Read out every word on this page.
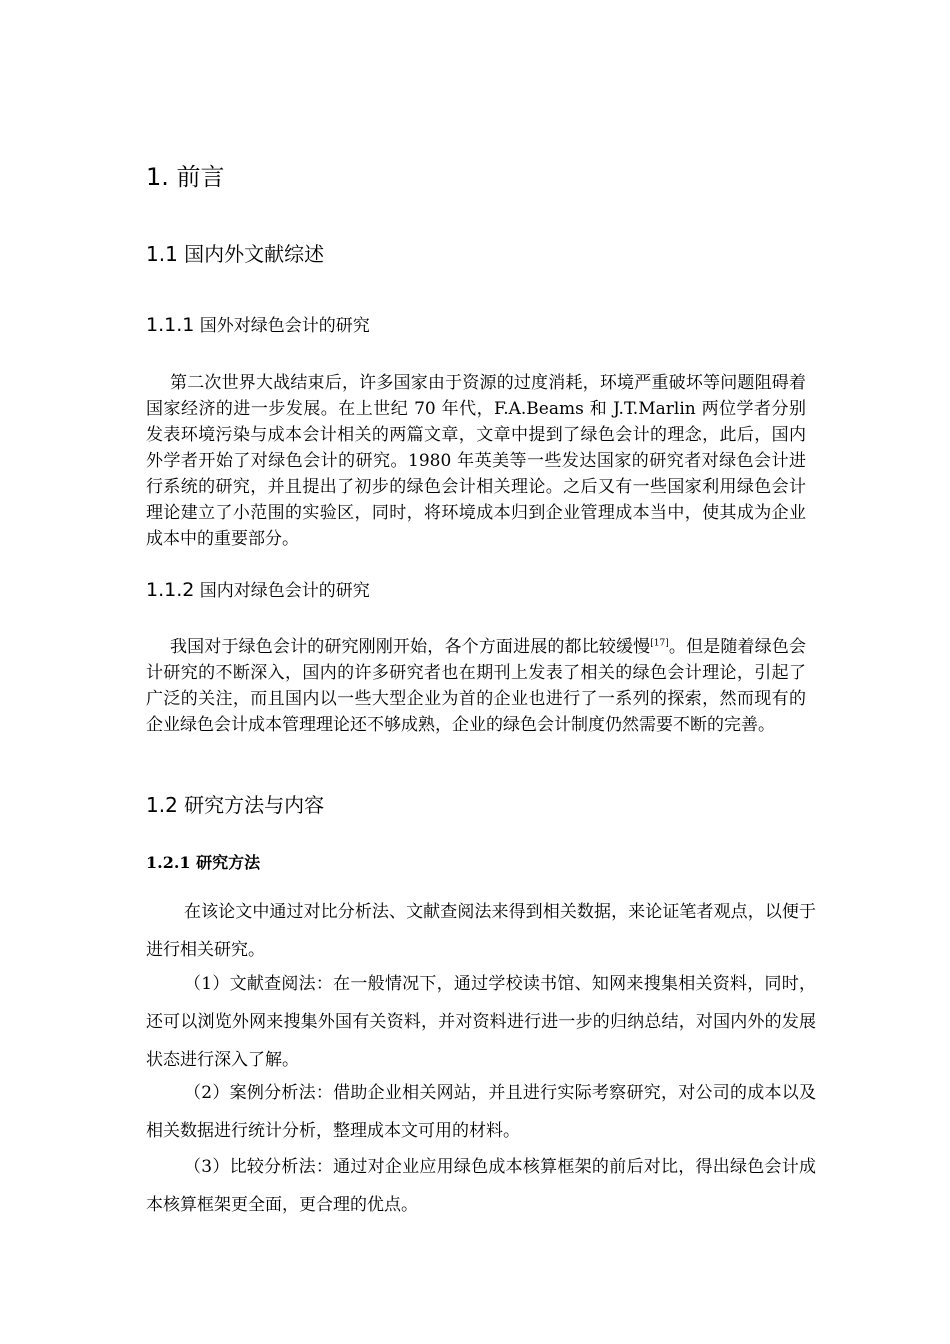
1. 前言
1.1 国内外文献综述
1.1.1 国外对绿色会计的研究

第二次世界大战结束后，许多国家由于资源的过度消耗，环境严重破坏等问题阻碍着国家经济的进一步发展。在上世纪 70 年代，F.A.Beams 和 J.T.Marlin 两位学者分别发表环境污染与成本会计相关的两篇文章，文章中提到了绿色会计的理念，此后，国内外学者开始了对绿色会计的研究。1980 年英美等一些发达国家的研究者对绿色会计进行系统的研究，并且提出了初步的绿色会计相关理论。之后又有一些国家利用绿色会计理论建立了小范围的实验区，同时，将环境成本归到企业管理成本当中，使其成为企业成本中的重要部分。

1.1.2 国内对绿色会计的研究

我国对于绿色会计的研究刚刚开始，各个方面进展的都比较缓慢[17]。但是随着绿色会计研究的不断深入，国内的许多研究者也在期刊上发表了相关的绿色会计理论，引起了广泛的关注，而且国内以一些大型企业为首的企业也进行了一系列的探索，然而现有的企业绿色会计成本管理理论还不够成熟，企业的绿色会计制度仍然需要不断的完善。

1.2 研究方法与内容
1.2.1 研究方法

在该论文中通过对比分析法、文献查阅法来得到相关数据，来论证笔者观点，以便于进行相关研究。

（1）文献查阅法：在一般情况下，通过学校读书馆、知网来搜集相关资料，同时，还可以浏览外网来搜集外国有关资料，并对资料进行进一步的归纳总结，对国内外的发展状态进行深入了解。

（2）案例分析法：借助企业相关网站，并且进行实际考察研究，对公司的成本以及相关数据进行统计分析，整理成本文可用的材料。

（3）比较分析法：通过对企业应用绿色成本核算框架的前后对比，得出绿色会计成本核算框架更全面，更合理的优点。
